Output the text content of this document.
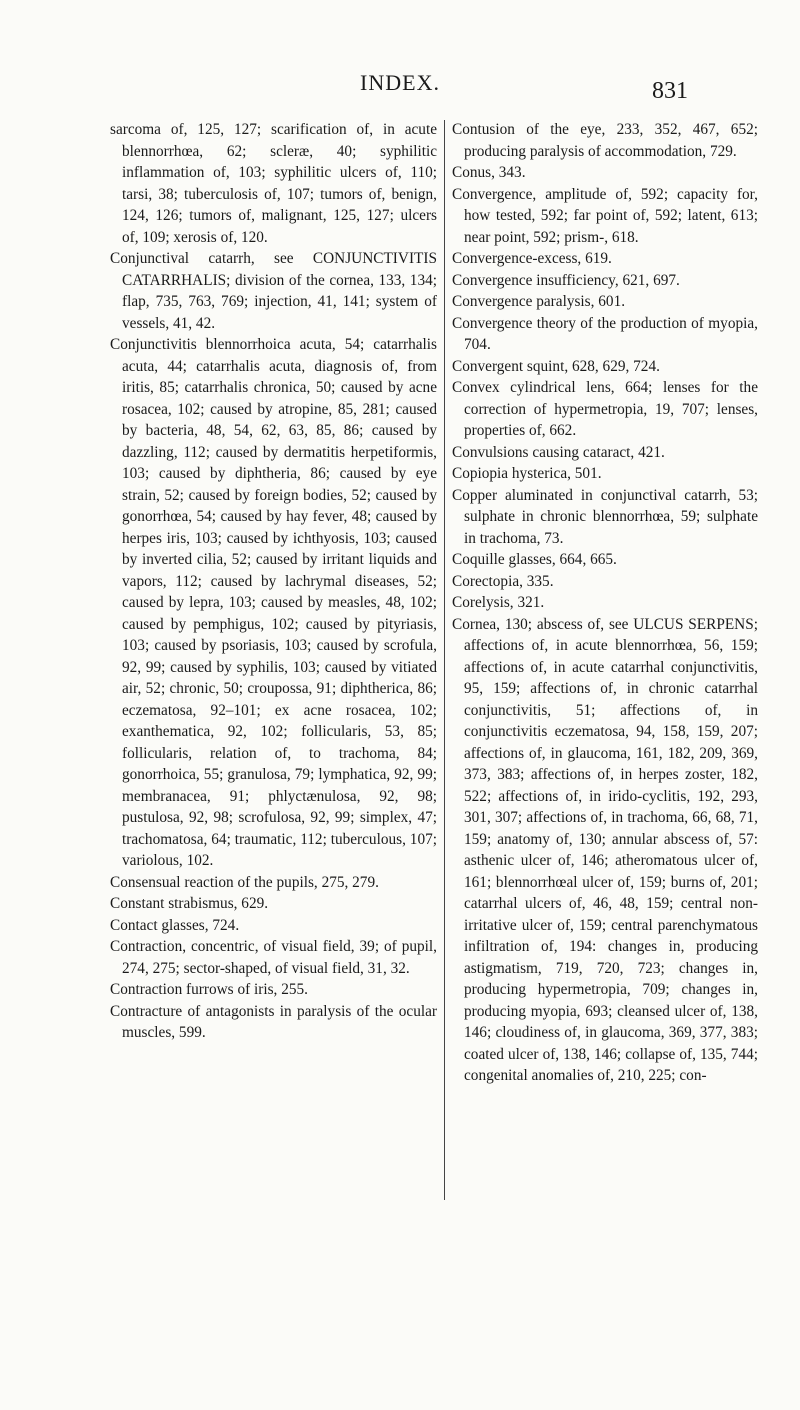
INDEX.	831

sarcoma of, 125, 127; scarification of, in acute blennorrhœa, 62; scleræ, 40; syphilitic inflammation of, 103; syphilitic ulcers of, 110; tarsi, 38; tuberculosis of, 107; tumors of, benign, 124, 126; tumors of, malignant, 125, 127; ulcers of, 109; xerosis of, 120.

Conjunctival catarrh, see CONJUNCTIVITIS CATARRHALIS; division of the cornea, 133, 134; flap, 735, 763, 769; injection, 41, 141; system of vessels, 41, 42.

Conjunctivitis blennorrhoica acuta, 54; catarrhalis acuta, 44; catarrhalis acuta, diagnosis of, from iritis, 85; catarrhalis chronica, 50; caused by acne rosacea, 102; caused by atropine, 85, 281; caused by bacteria, 48, 54, 62, 63, 85, 86; caused by dazzling, 112; caused by dermatitis herpetiformis, 103; caused by diphtheria, 86; caused by eye strain, 52; caused by foreign bodies, 52; caused by gonorrhœa, 54; caused by hay fever, 48; caused by herpes iris, 103; caused by ichthyosis, 103; caused by inverted cilia, 52; caused by irritant liquids and vapors, 112; caused by lachrymal diseases, 52; caused by lepra, 103; caused by measles, 48, 102; caused by pemphigus, 102; caused by pityriasis, 103; caused by psoriasis, 103; caused by scrofula, 92, 99; caused by syphilis, 103; caused by vitiated air, 52; chronic, 50; croupossa, 91; diphtherica, 86; eczematosa, 92–101; ex acne rosacea, 102; exanthematica, 92, 102; follicularis, 53, 85; follicularis, relation of, to trachoma, 84; gonorrhoica, 55; granulosa, 79; lymphatica, 92, 99; membranacea, 91; phlyctænulosa, 92, 98; pustulosa, 92, 98; scrofulosa, 92, 99; simplex, 47; trachomatosa, 64; traumatic, 112; tuberculous, 107; variolous, 102.

Consensual reaction of the pupils, 275, 279.

Constant strabismus, 629.

Contact glasses, 724.

Contraction, concentric, of visual field, 39; of pupil, 274, 275; sector-shaped, of visual field, 31, 32.

Contraction furrows of iris, 255.

Contracture of antagonists in paralysis of the ocular muscles, 599.

Contusion of the eye, 233, 352, 467, 652; producing paralysis of accommodation, 729.

Conus, 343.

Convergence, amplitude of, 592; capacity for, how tested, 592; far point of, 592; latent, 613; near point, 592; prism-, 618.

Convergence-excess, 619.

Convergence insufficiency, 621, 697.

Convergence paralysis, 601.

Convergence theory of the production of myopia, 704.

Convergent squint, 628, 629, 724.

Convex cylindrical lens, 664; lenses for the correction of hypermetropia, 19, 707; lenses, properties of, 662.

Convulsions causing cataract, 421.

Copiopia hysterica, 501.

Copper aluminated in conjunctival catarrh, 53; sulphate in chronic blennorrhœa, 59; sulphate in trachoma, 73.

Coquille glasses, 664, 665.

Corectopia, 335.

Corelysis, 321.

Cornea, 130; abscess of, see ULCUS SERPENS; affections of, in acute blennorrhœa, 56, 159; affections of, in acute catarrhal conjunctivitis, 95, 159; affections of, in chronic catarrhal conjunctivitis, 51; affections of, in conjunctivitis eczematosa, 94, 158, 159, 207; affections of, in glaucoma, 161, 182, 209, 369, 373, 383; affections of, in herpes zoster, 182, 522; affections of, in irido-cyclitis, 192, 293, 301, 307; affections of, in trachoma, 66, 68, 71, 159; anatomy of, 130; annular abscess of, 57: asthenic ulcer of, 146; atheromatous ulcer of, 161; blennorrhœal ulcer of, 159; burns of, 201; catarrhal ulcers of, 46, 48, 159; central non-irritative ulcer of, 159; central parenchymatous infiltration of, 194: changes in, producing astigmatism, 719, 720, 723; changes in, producing hypermetropia, 709; changes in, producing myopia, 693; cleansed ulcer of, 138, 146; cloudiness of, in glaucoma, 369, 377, 383; coated ulcer of, 138, 146; collapse of, 135, 744; congenital anomalies of, 210, 225; con-
